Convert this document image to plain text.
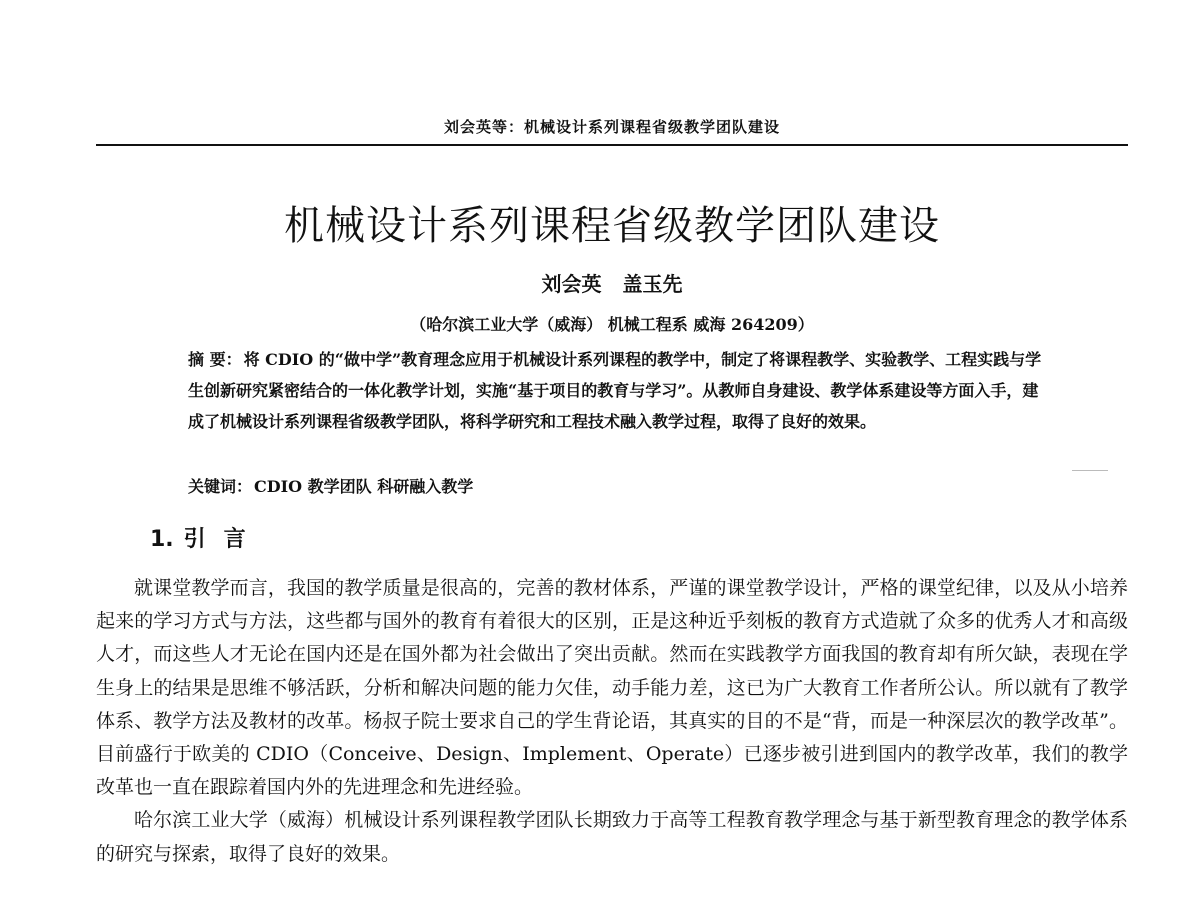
刘会英等：机械设计系列课程省级教学团队建设
机械设计系列课程省级教学团队建设
刘会英 盖玉先
（哈尔滨工业大学（威海） 机械工程系 威海 264209）
摘 要： 将 CDIO 的“做中学”教育理念应用于机械设计系列课程的教学中，制定了将课程教学、实验教学、工程实践与学生创新研究紧密结合的一体化教学计划，实施“基于项目的教育与学习”。从教师自身建设、教学体系建设等方面入手，建成了机械设计系列课程省级教学团队，将科学研究和工程技术融入教学过程，取得了良好的效果。
关键词： CDIO 教学团队 科研融入教学
1. 引言

就课堂教学而言，我国的教学质量是很高的，完善的教材体系，严谨的课堂教学设计，严格的课堂纪律，以及从小培养起来的学习方式与方法，这些都与国外的教育有着很大的区别，正是这种近乎刻板的教育方式造就了众多的优秀人才和高级人才，而这些人才无论在国内还是在国外都为社会做出了突出贡献。然而在实践教学方面我国的教育却有所欠缺，表现在学生身上的结果是思维不够活跃，分析和解决问题的能力欠佳，动手能力差，这已为广大教育工作者所公认。所以就有了教学体系、教学方法及教材的改革。杨叔子院士要求自己的学生背论语，其真实的目的不是“背，而是一种深层次的教学改革”。目前盛行于欧美的 CDIO（Conceive、Design、Implement、Operate）已逐步被引进到国内的教学改革，我们的教学改革也一直在跟踪着国内外的先进理念和先进经验。

哈尔滨工业大学（威海）机械设计系列课程教学团队长期致力于高等工程教育教学理念与基于新型教育理念的教学体系的研究与探索，取得了良好的效果。
